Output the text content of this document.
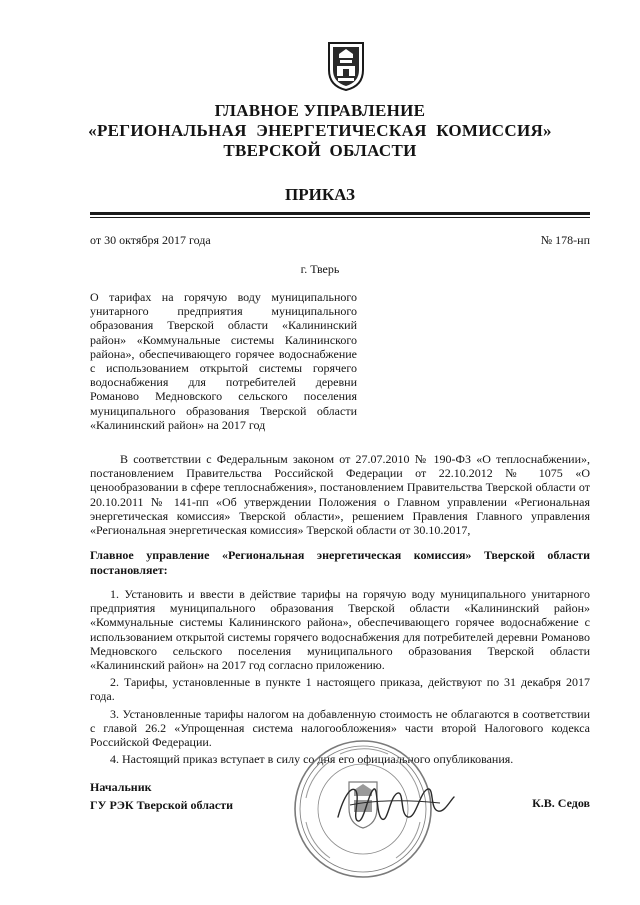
ГЛАВНОЕ УПРАВЛЕНИЕ
«РЕГИОНАЛЬНАЯ ЭНЕРГЕТИЧЕСКАЯ КОМИССИЯ»
ТВЕРСКОЙ ОБЛАСТИ
ПРИКАЗ
от 30 октября 2017 года	№ 178-нп
г. Тверь
О тарифах на горячую воду муниципального унитарного предприятия муниципального образования Тверской области «Калининский район» «Коммунальные системы Калининского района», обеспечивающего горячее водоснабжение с использованием открытой системы горячего водоснабжения для потребителей деревни Романово Медновского сельского поселения муниципального образования Тверской области «Калининский район» на 2017 год

В соответствии с Федеральным законом от 27.07.2010 № 190-ФЗ «О теплоснабжении», постановлением Правительства Российской Федерации от 22.10.2012 № 1075 «О ценообразовании в сфере теплоснабжения», постановлением Правительства Тверской области от 20.10.2011 № 141-пп «Об утверждении Положения о Главном управлении «Региональная энергетическая комиссия» Тверской области», решением Правления Главного управления «Региональная энергетическая комиссия» Тверской области от 30.10.2017,

Главное управление «Региональная энергетическая комиссия» Тверской области постановляет:

1. Установить и ввести в действие тарифы на горячую воду муниципального унитарного предприятия муниципального образования Тверской области «Калининский район» «Коммунальные системы Калининского района», обеспечивающего горячее водоснабжение с использованием открытой системы горячего водоснабжения для потребителей деревни Романово Медновского сельского поселения муниципального образования Тверской области «Калининский район» на 2017 год согласно приложению.

2. Тарифы, установленные в пункте 1 настоящего приказа, действуют по 31 декабря 2017 года.

3. Установленные тарифы налогом на добавленную стоимость не облагаются в соответствии с главой 26.2 «Упрощенная система налогообложения» части второй Налогового кодекса Российской Федерации.

4. Настоящий приказ вступает в силу со дня его официального опубликования.

Начальник
ГУ РЭК Тверской области	К.В. Седов
